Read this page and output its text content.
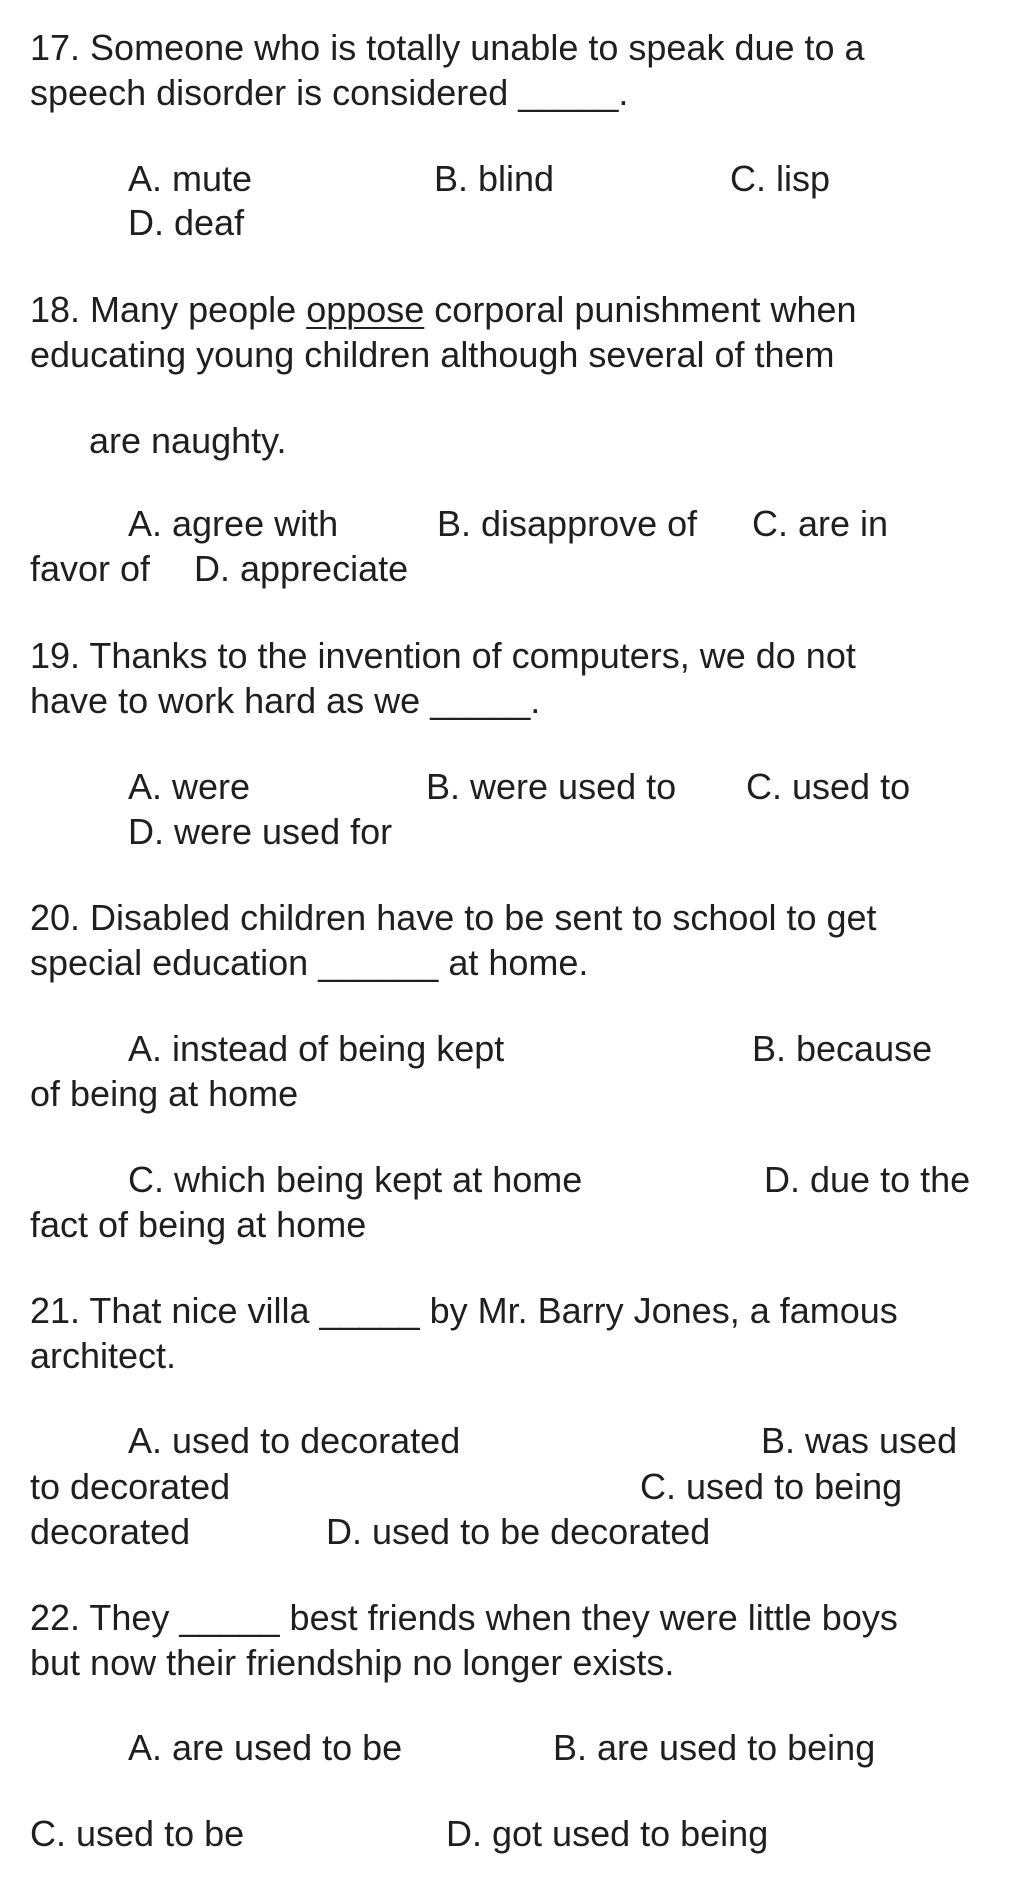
17. Someone who is totally unable to speak due to a
speech disorder is considered _____.
A. mute	B. blind	C. lisp
D. deaf
18. Many people oppose corporal punishment when
educating young children although several of them
are naughty.
A. agree with	B. disapprove of C. are in
favor of D. appreciate
19. Thanks to the invention of computers, we do not
have to work hard as we _____.
A. were	B. were used to C. used to
D. were used for
20. Disabled children have to be sent to school to get
special education ______ at home.
A. instead of being kept	B. because
of being at home
C. which being kept at home	D. due to the
fact of being at home
21. That nice villa _____ by Mr. Barry Jones, a famous
architect.
A. used to decorated	B. was used
to decorated	C. used to being
decorated	D. used to be decorated
22. They _____ best friends when they were little boys
but now their friendship no longer exists.
A. are used to be	B. are used to being
C. used to be	D. got used to being
